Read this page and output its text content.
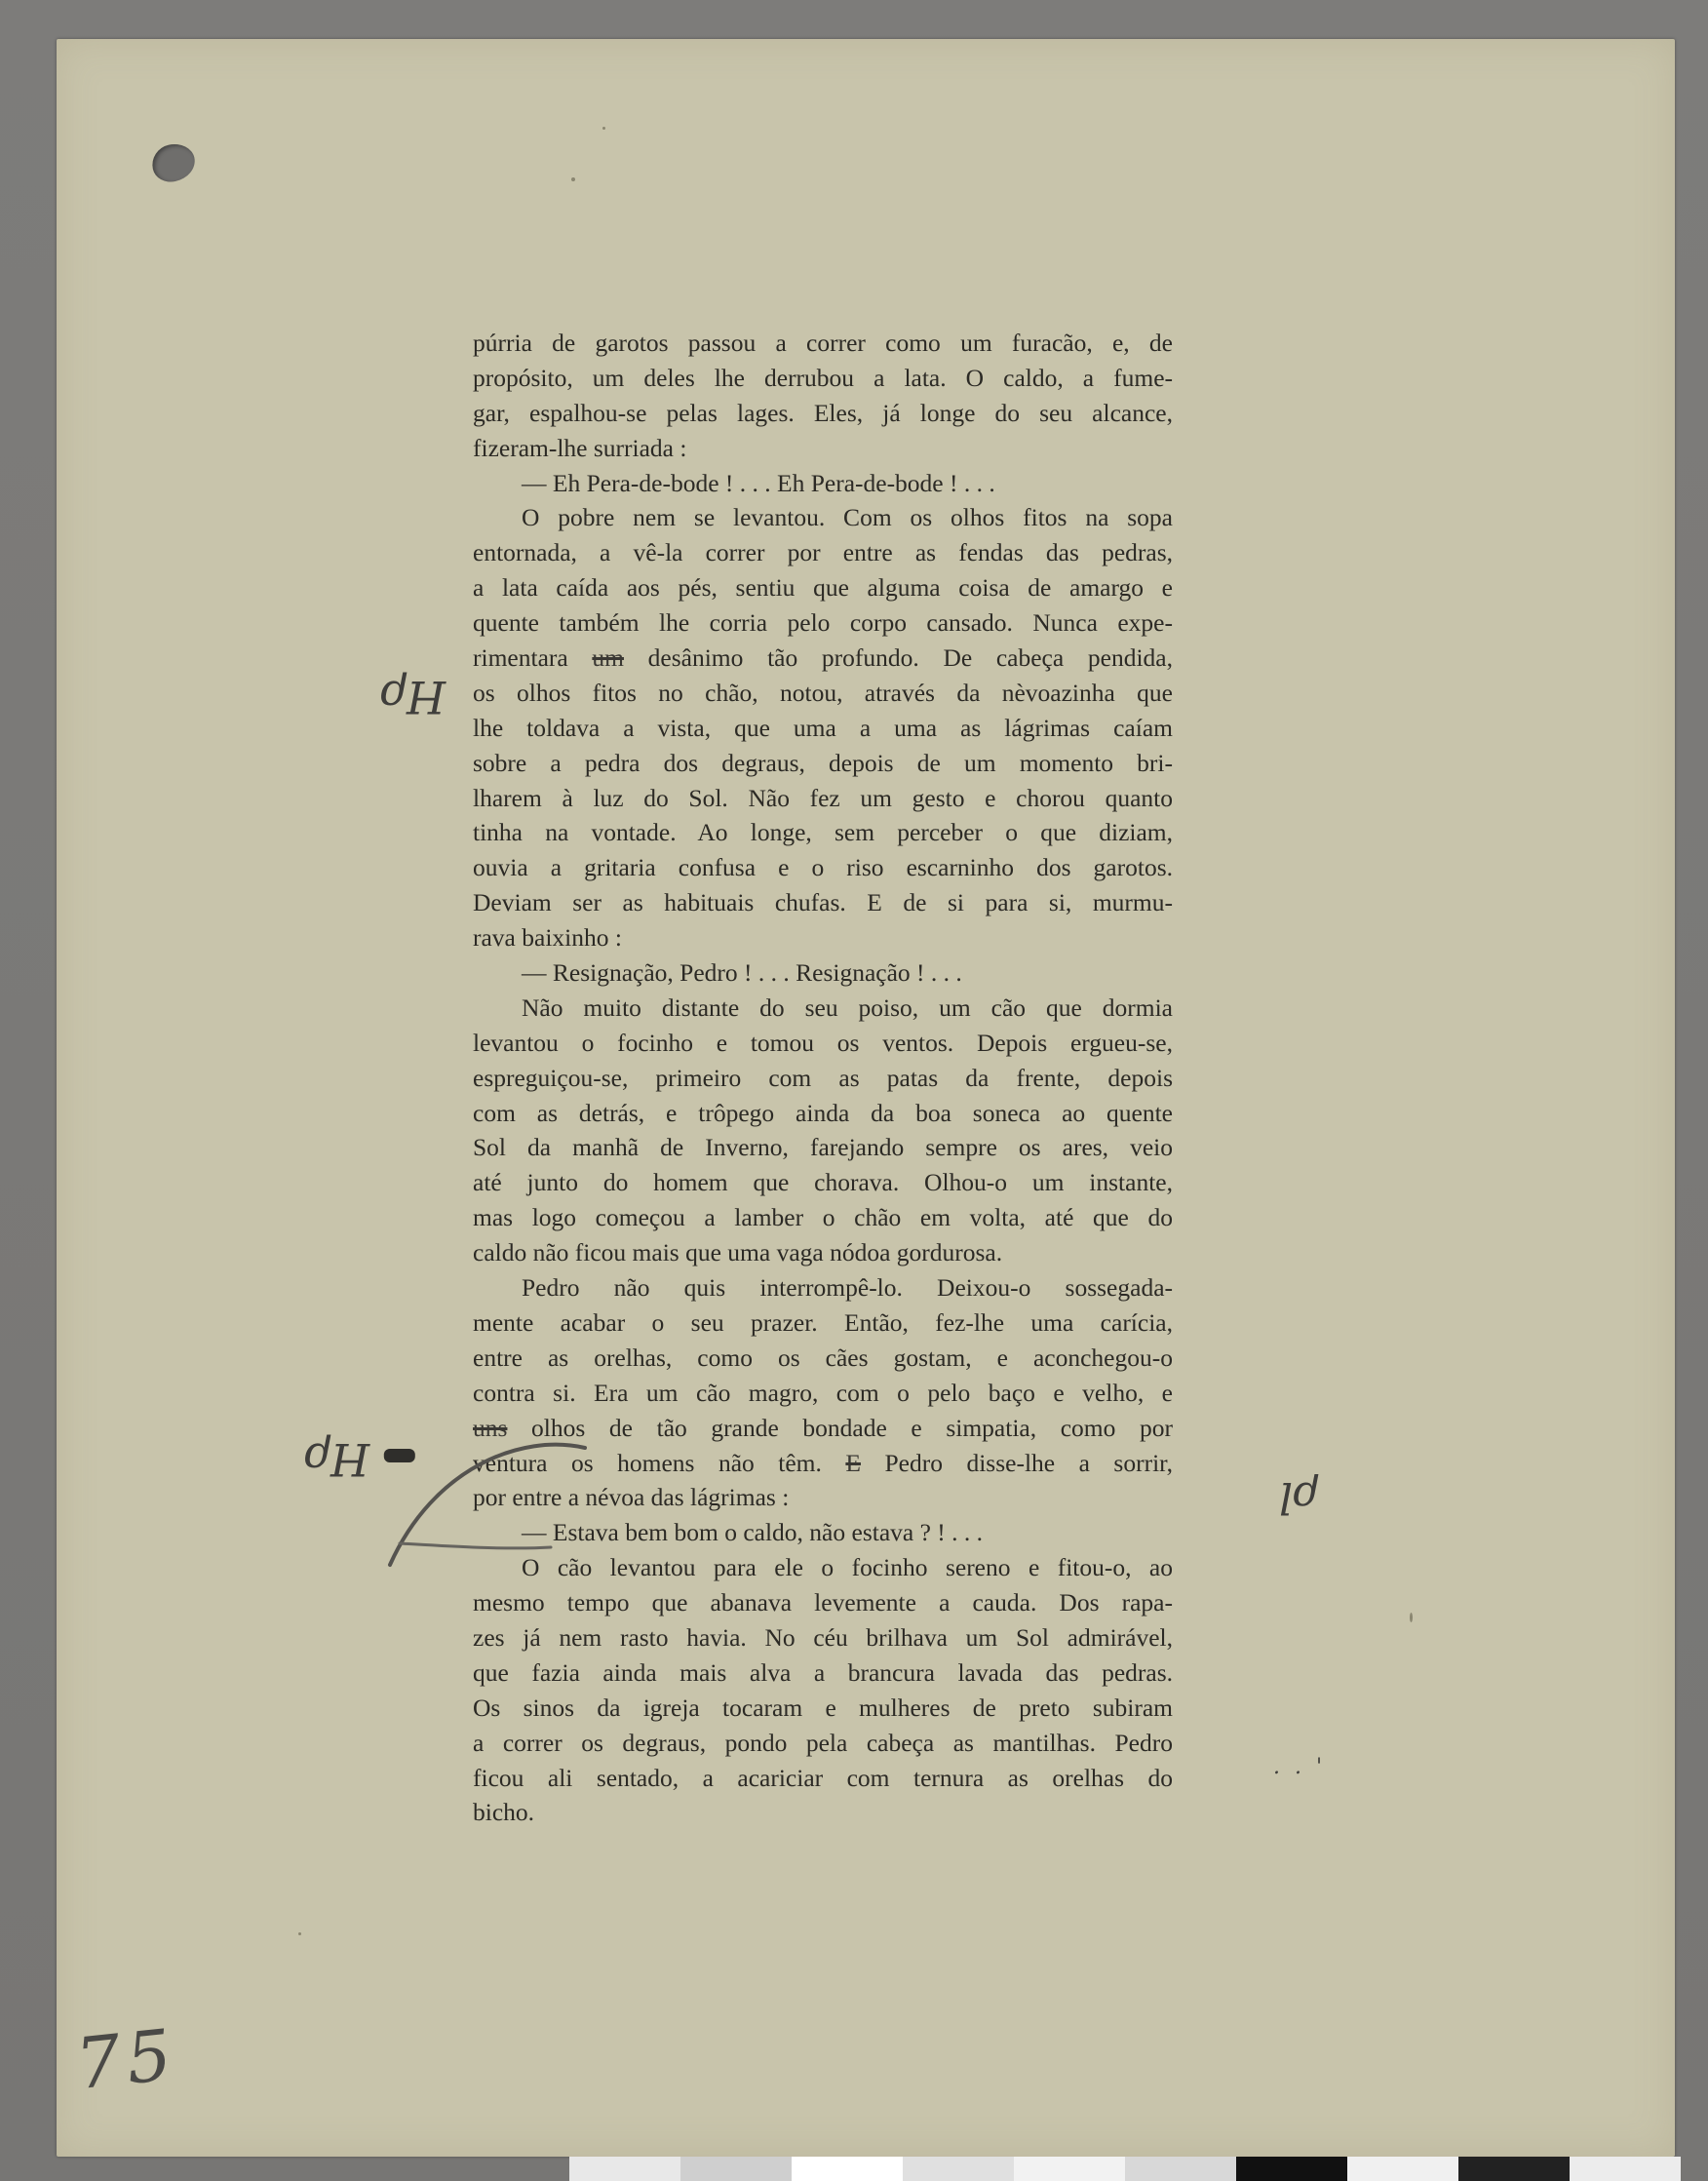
púrria de garotos passou a correr como um furacão, e, de
propósito, um deles lhe derrubou a lata. O caldo, a fume-
gar, espalhou-se pelas lages. Eles, já longe do seu alcance,
fizeram-lhe surriada :
— Eh Pera-de-bode ! . . . Eh Pera-de-bode ! . . .
O pobre nem se levantou. Com os olhos fitos na sopa
entornada, a vê-la correr por entre as fendas das pedras,
a lata caída aos pés, sentiu que alguma coisa de amargo e
quente também lhe corria pelo corpo cansado. Nunca expe-
rimentara um desânimo tão profundo. De cabeça pendida,
os olhos fitos no chão, notou, através da nèvoazinha que
lhe toldava a vista, que uma a uma as lágrimas caíam
sobre a pedra dos degraus, depois de um momento bri-
lharem à luz do Sol. Não fez um gesto e chorou quanto
tinha na vontade. Ao longe, sem perceber o que diziam,
ouvia a gritaria confusa e o riso escarninho dos garotos.
Deviam ser as habituais chufas. E de si para si, murmu-
rava baixinho :
— Resignação, Pedro ! . . . Resignação ! . . .
Não muito distante do seu poiso, um cão que dormia
levantou o focinho e tomou os ventos. Depois ergueu-se,
espreguiçou-se, primeiro com as patas da frente, depois
com as detrás, e trôpego ainda da boa soneca ao quente
Sol da manhã de Inverno, farejando sempre os ares, veio
até junto do homem que chorava. Olhou-o um instante,
mas logo começou a lamber o chão em volta, até que do
caldo não ficou mais que uma vaga nódoa gordurosa.
Pedro não quis interrompê-lo. Deixou-o sossegada-
mente acabar o seu prazer. Então, fez-lhe uma carícia,
entre as orelhas, como os cães gostam, e aconchegou-o
contra si. Era um cão magro, com o pelo baço e velho, e
uns olhos de tão grande bondade e simpatia, como por
ventura os homens não têm. E Pedro disse-lhe a sorrir,
por entre a névoa das lágrimas :
— Estava bem bom o caldo, não estava ? ! . . .
O cão levantou para ele o focinho sereno e fitou-o, ao
mesmo tempo que abanava levemente a cauda. Dos rapa-
zes já nem rasto havia. No céu brilhava um Sol admirável,
que fazia ainda mais alva a brancura lavada das pedras.
Os sinos da igreja tocaram e mulheres de preto subiram
a correr os degraus, pondo pela cabeça as mantilhas. Pedro
ficou ali sentado, a acariciar com ternura as orelhas do
bicho.
Hρ
Hρ
ρl
. . '
75
